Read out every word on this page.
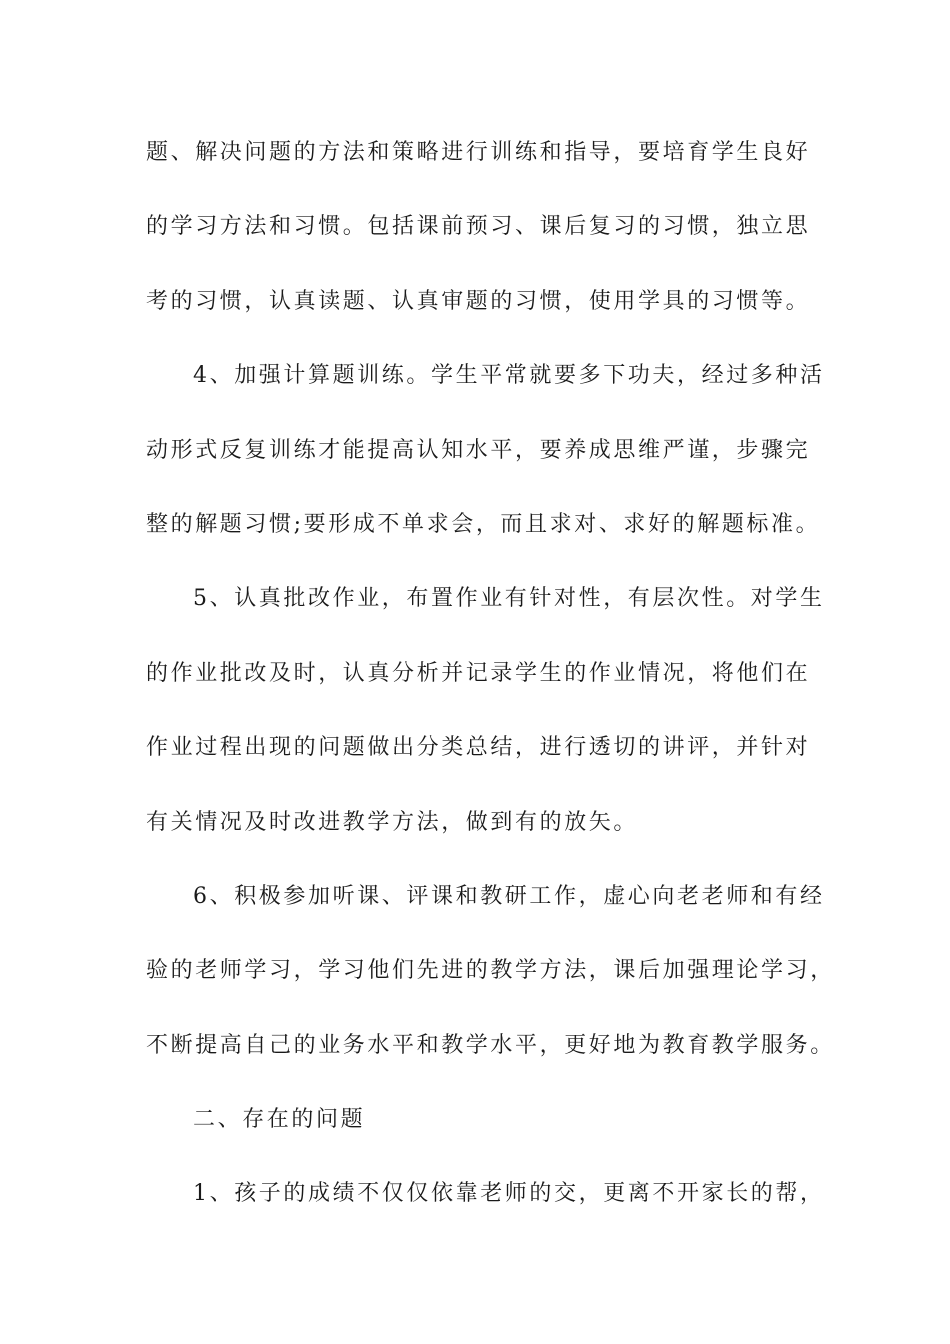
题、解决问题的方法和策略进行训练和指导，要培育学生良好
的学习方法和习惯。包括课前预习、课后复习的习惯，独立思
考的习惯，认真读题、认真审题的习惯，使用学具的习惯等。
4、加强计算题训练。学生平常就要多下功夫，经过多种活
动形式反复训练才能提高认知水平，要养成思维严谨，步骤完
整的解题习惯;要形成不单求会，而且求对、求好的解题标准。
5、认真批改作业，布置作业有针对性，有层次性。对学生
的作业批改及时，认真分析并记录学生的作业情况，将他们在
作业过程出现的问题做出分类总结，进行透切的讲评，并针对
有关情况及时改进教学方法，做到有的放矢。
6、积极参加听课、评课和教研工作，虚心向老老师和有经
验的老师学习，学习他们先进的教学方法，课后加强理论学习，
不断提高自己的业务水平和教学水平，更好地为教育教学服务。
二、存在的问题
1、孩子的成绩不仅仅依靠老师的交，更离不开家长的帮，
